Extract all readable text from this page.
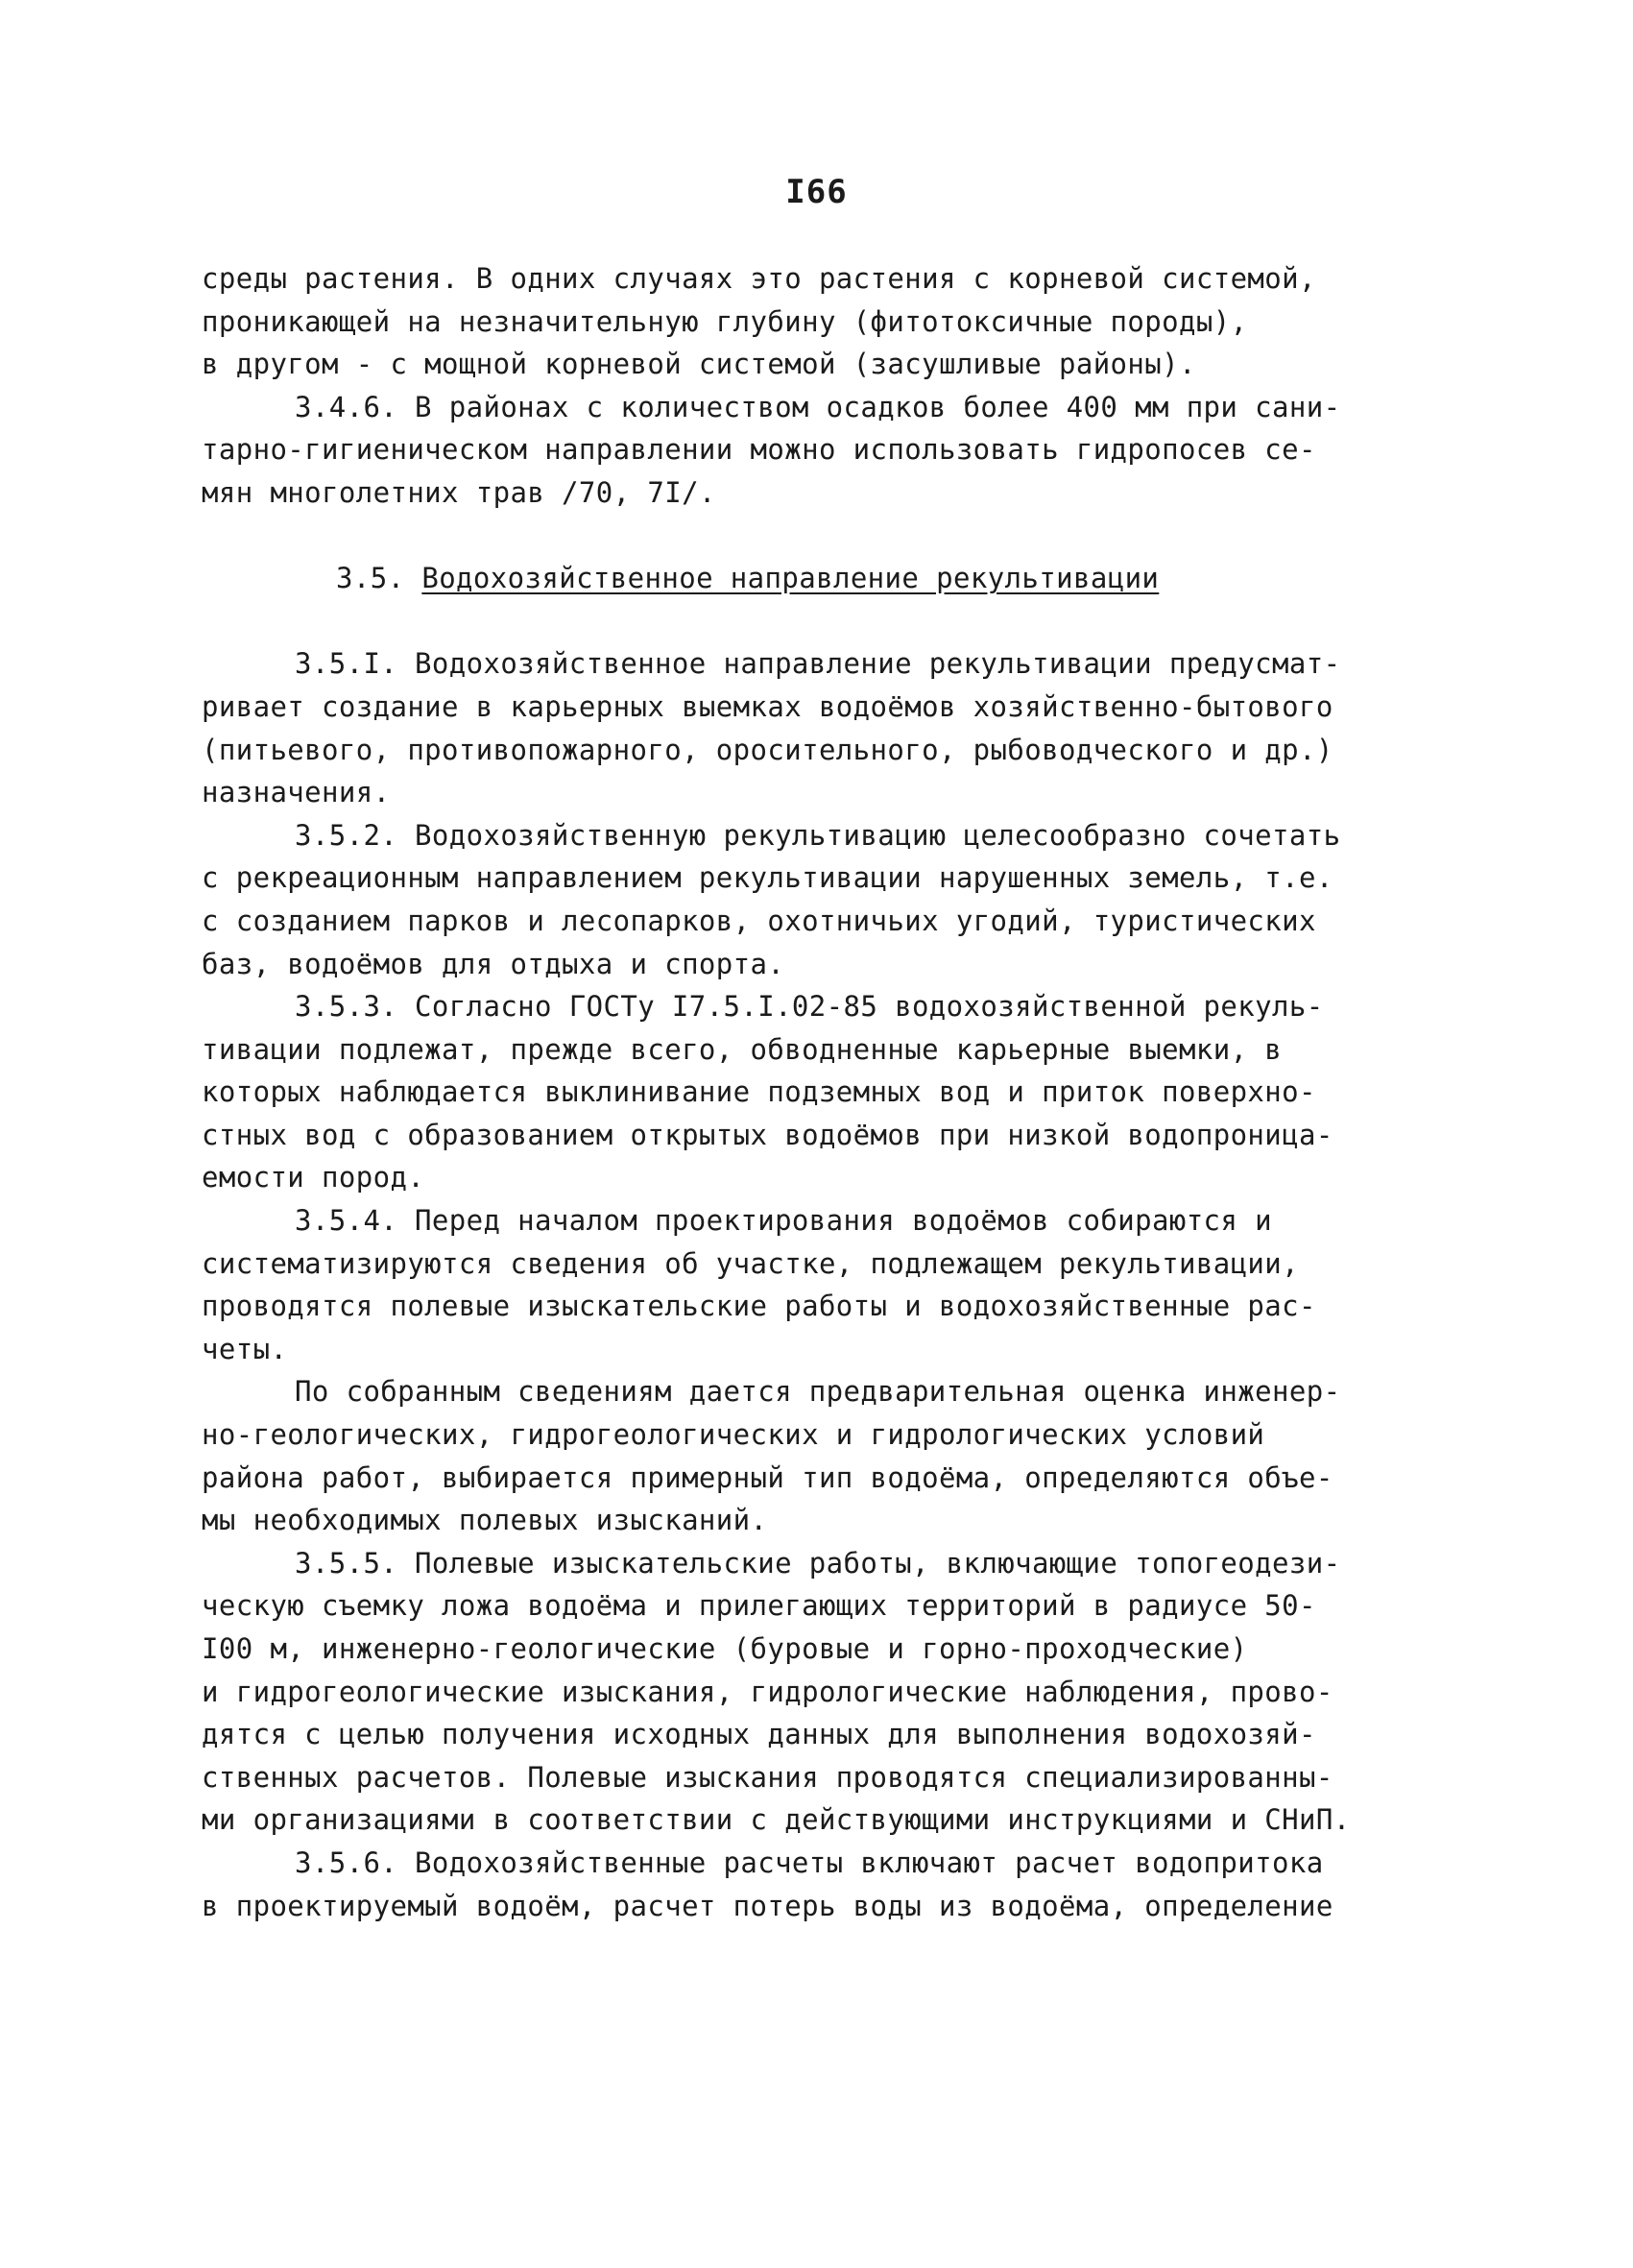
I66
среды растения. В одних случаях это растения с корневой системой,
проникающей на незначительную глубину (фитотоксичные породы),
в другом - с мощной корневой системой (засушливые районы).
3.4.6. В районах с количеством осадков более 400 мм при сани-
тарно-гигиеническом направлении можно использовать гидропосев се-
мян многолетних трав /70, 7I/.
3.5. Водохозяйственное направление рекультивации
3.5.I. Водохозяйственное направление рекультивации предусмат-
ривает создание в карьерных выемках водоёмов хозяйственно-бытового
(питьевого, противопожарного, оросительного, рыбоводческого и др.)
назначения.
3.5.2. Водохозяйственную рекультивацию целесообразно сочетать
с рекреационным направлением рекультивации нарушенных земель, т.е.
с созданием парков и лесопарков, охотничьих угодий, туристических
баз, водоёмов для отдыха и спорта.
3.5.3. Согласно ГОСТу I7.5.I.02-85 водохозяйственной рекуль-
тивации подлежат, прежде всего, обводненные карьерные выемки, в
которых наблюдается выклинивание подземных вод и приток поверхно-
стных вод с образованием открытых водоёмов при низкой водопроница-
емости пород.
3.5.4. Перед началом проектирования водоёмов собираются и
систематизируются сведения об участке, подлежащем рекультивации,
проводятся полевые изыскательские работы и водохозяйственные рас-
четы.
По собранным сведениям дается предварительная оценка инженер-
но-геологических, гидрогеологических и гидрологических условий
района работ, выбирается примерный тип водоёма, определяются объе-
мы необходимых полевых изысканий.
3.5.5. Полевые изыскательские работы, включающие топогеодези-
ческую съемку ложа водоёма и прилегающих территорий в радиусе 50-
I00 м, инженерно-геологические (буровые и горно-проходческие)
и гидрогеологические изыскания, гидрологические наблюдения, прово-
дятся с целью получения исходных данных для выполнения водохозяй-
ственных расчетов. Полевые изыскания проводятся специализированны-
ми организациями в соответствии с действующими инструкциями и СНиП.
3.5.6. Водохозяйственные расчеты включают расчет водопритока
в проектируемый водоём, расчет потерь воды из водоёма, определение
